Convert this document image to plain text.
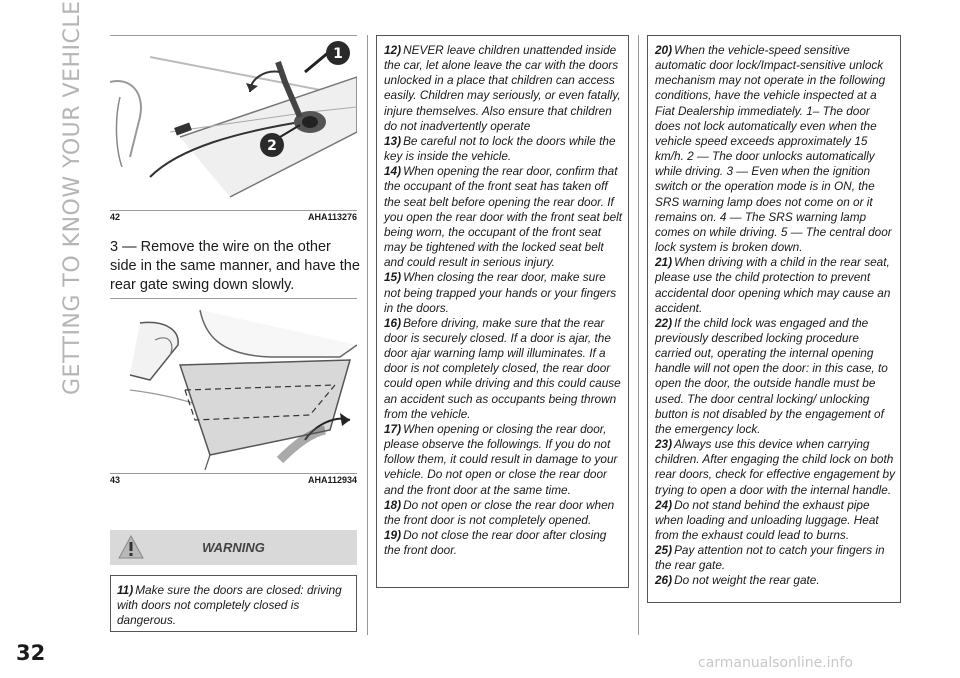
GETTING TO KNOW YOUR VEHICLE	1
2
42	AHA113276

3 — Remove the wire on the other side in the same manner, and have the rear gate swing down slowly.

43	AHA112934
WARNING

11) Make sure the doors are closed: driving with doors not completely closed is dangerous.

12) NEVER leave children unattended inside the car, let alone leave the car with the doors unlocked in a place that children can access easily. Children may seriously, or even fatally, injure themselves. Also ensure that children do not inadvertently operate

13) Be careful not to lock the doors while the key is inside the vehicle.

14) When opening the rear door, confirm that the occupant of the front seat has taken off the seat belt before opening the rear door. If you open the rear door with the front seat belt being worn, the occupant of the front seat may be tightened with the locked seat belt and could result in serious injury.

15) When closing the rear door, make sure not being trapped your hands or your fingers in the doors.

16) Before driving, make sure that the rear door is securely closed. If a door is ajar, the door ajar warning lamp will illuminates. If a door is not completely closed, the rear door could open while driving and this could cause an accident such as occupants being thrown from the vehicle.

17) When opening or closing the rear door, please observe the followings. If you do not follow them, it could result in damage to your vehicle. Do not open or close the rear door and the front door at the same time.

18) Do not open or close the rear door when the front door is not completely opened.

19) Do not close the rear door after closing the front door.

20) When the vehicle-speed sensitive automatic door lock/Impact-sensitive unlock mechanism may not operate in the following conditions, have the vehicle inspected at a Fiat Dealership immediately. 1– The door does not lock automatically even when the vehicle speed exceeds approximately 15 km/h. 2 — The door unlocks automatically while driving. 3 — Even when the ignition switch or the operation mode is in ON, the SRS warning lamp does not come on or it remains on. 4 — The SRS warning lamp comes on while driving. 5 — The central door lock system is broken down.

21) When driving with a child in the rear seat, please use the child protection to prevent accidental door opening which may cause an accident.

22) If the child lock was engaged and the previously described locking procedure carried out, operating the internal opening handle will not open the door: in this case, to open the door, the outside handle must be used. The door central locking/ unlocking button is not disabled by the engagement of the emergency lock.

23) Always use this device when carrying children. After engaging the child lock on both rear doors, check for effective engagement by trying to open a door with the internal handle.

24) Do not stand behind the exhaust pipe when loading and unloading luggage. Heat from the exhaust could lead to burns.

25) Pay attention not to catch your fingers in the rear gate.

26) Do not weight the rear gate.

32	carmanualsonline.info
